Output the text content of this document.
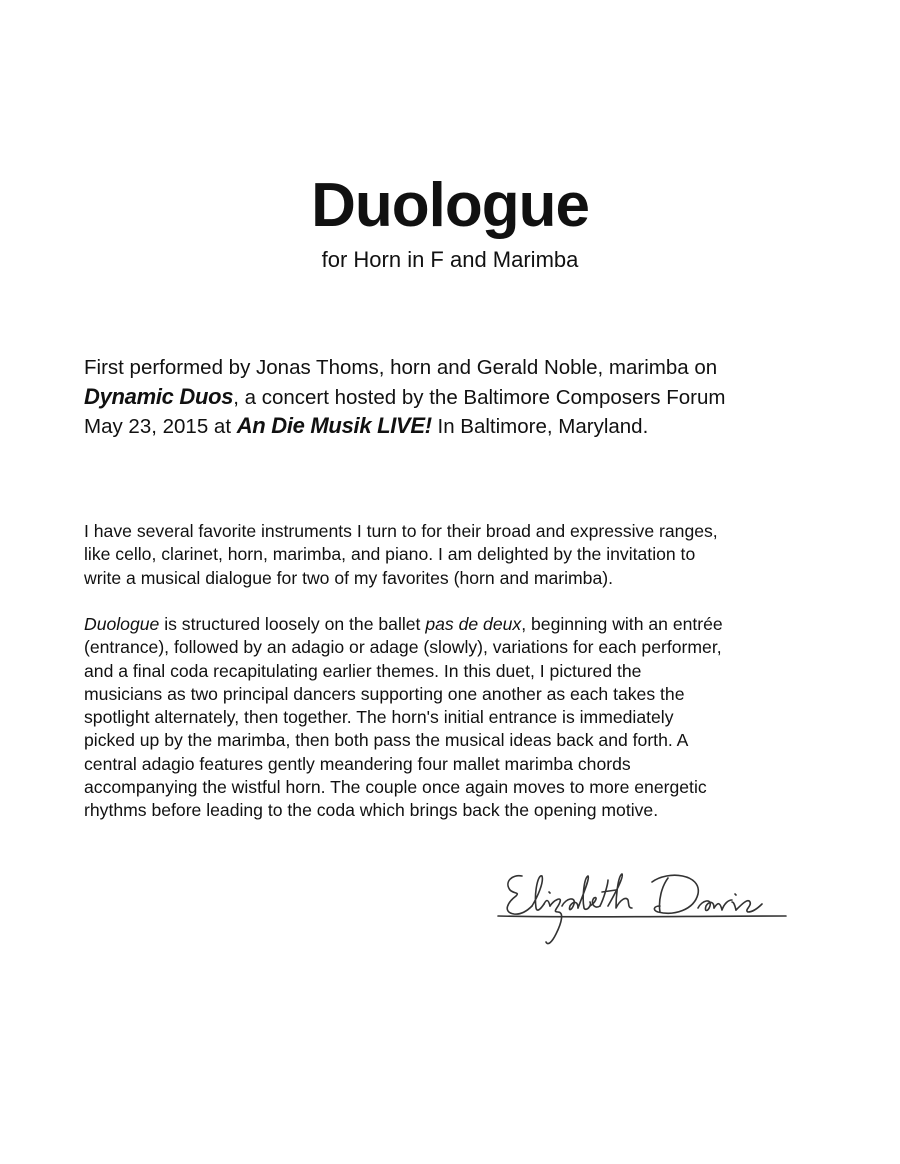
Duologue

for Horn in F and Marimba

First performed by Jonas Thoms, horn and Gerald Noble, marimba on
Dynamic Duos, a concert hosted by the Baltimore Composers Forum
May 23, 2015 at An Die Musik LIVE! In Baltimore, Maryland.
I have several favorite instruments I turn to for their broad and expressive ranges,
like cello, clarinet, horn, marimba, and piano. I am delighted by the invitation to
write a musical dialogue for two of my favorites (horn and marimba).
Duologue is structured loosely on the ballet pas de deux, beginning with an entrée
(entrance), followed by an adagio or adage (slowly), variations for each performer,
and a final coda recapitulating earlier themes. In this duet, I pictured the
musicians as two principal dancers supporting one another as each takes the
spotlight alternately, then together. The horn's initial entrance is immediately
picked up by the marimba, then both pass the musical ideas back and forth. A
central adagio features gently meandering four mallet marimba chords
accompanying the wistful horn. The couple once again moves to more energetic
rhythms before leading to the coda which brings back the opening motive.
